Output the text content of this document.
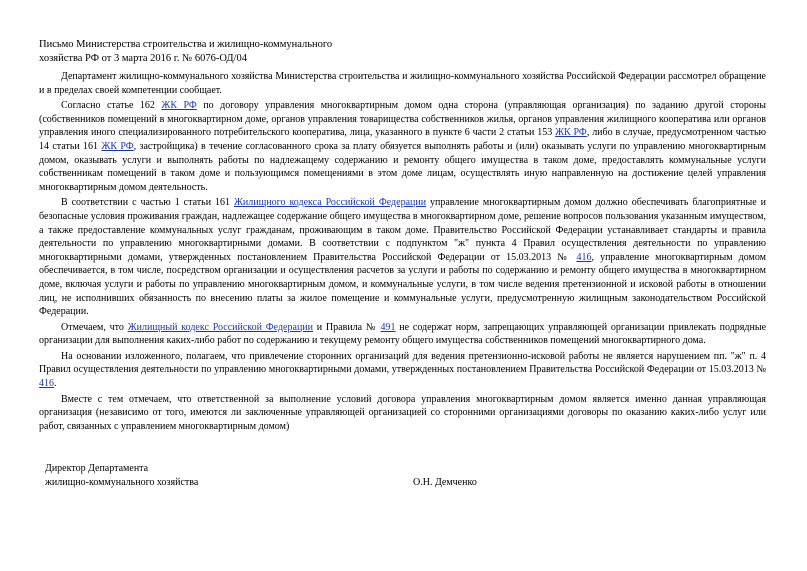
Письмо Министерства строительства и жилищно-коммунального
хозяйства РФ от 3 марта 2016 г. № 6076-ОД/04

Департамент жилищно-коммунального хозяйства Министерства строительства и жилищно-коммунального хозяйства Российской Федерации рассмотрел обращение и в пределах своей компетенции сообщает.

Согласно статье 162 ЖК РФ по договору управления многоквартирным домом одна сторона (управляющая организация) по заданию другой стороны (собственников помещений в многоквартирном доме, органов управления товарищества собственников жилья, органов управления жилищного кооператива или органов управления иного специализированного потребительского кооператива, лица, указанного в пункте 6 части 2 статьи 153 ЖК РФ, либо в случае, предусмотренном частью 14 статьи 161 ЖК РФ, застройщика) в течение согласованного срока за плату обязуется выполнять работы и (или) оказывать услуги по управлению многоквартирным домом, оказывать услуги и выполнять работы по надлежащему содержанию и ремонту общего имущества в таком доме, предоставлять коммунальные услуги собственникам помещений в таком доме и пользующимся помещениями в этом доме лицам, осуществлять иную направленную на достижение целей управления многоквартирным домом деятельность.

В соответствии с частью 1 статьи 161 Жилищного кодекса Российской Федерации управление многоквартирным домом должно обеспечивать благоприятные и безопасные условия проживания граждан, надлежащее содержание общего имущества в многоквартирном доме, решение вопросов пользования указанным имуществом, а также предоставление коммунальных услуг гражданам, проживающим в таком доме. Правительство Российской Федерации устанавливает стандарты и правила деятельности по управлению многоквартирными домами. В соответствии с подпунктом "ж" пункта 4 Правил осуществления деятельности по управлению многоквартирными домами, утвержденных постановлением Правительства Российской Федерации от 15.03.2013 № 416, управление многоквартирным домом обеспечивается, в том числе, посредством организации и осуществления расчетов за услуги и работы по содержанию и ремонту общего имущества в многоквартирном доме, включая услуги и работы по управлению многоквартирным домом, и коммунальные услуги, в том числе ведения претензионной и исковой работы в отношении лиц, не исполнивших обязанность по внесению платы за жилое помещение и коммунальные услуги, предусмотренную жилищным законодательством Российской Федерации.

Отмечаем, что Жилищный кодекс Российской Федерации и Правила № 491 не содержат норм, запрещающих управляющей организации привлекать подрядные организации для выполнения каких-либо работ по содержанию и текущему ремонту общего имущества собственников помещений многоквартирного дома.

На основании изложенного, полагаем, что привлечение сторонних организаций для ведения претензионно-исковой работы не является нарушением пп. "ж" п. 4 Правил осуществления деятельности по управлению многоквартирными домами, утвержденных постановлением Правительства Российской Федерации от 15.03.2013 № 416.

Вместе с тем отмечаем, что ответственной за выполнение условий договора управления многоквартирным домом является именно данная управляющая организация (независимо от того, имеются ли заключенные управляющей организацией со сторонними организациями договоры по оказанию каких-либо услуг или работ, связанных с управлением многоквартирным домом)

Директор Департамента
жилищно-коммунального хозяйства	О.Н. Демченко
